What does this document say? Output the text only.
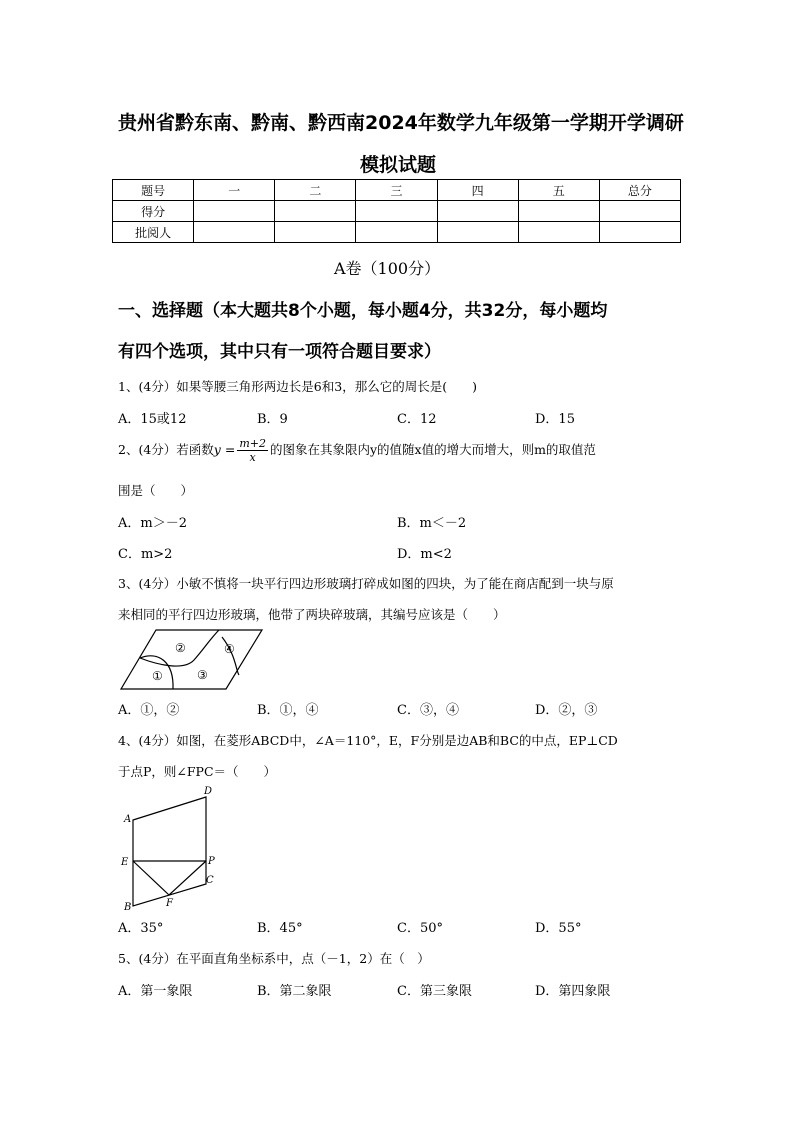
贵州省黔东南、黔南、黔西南2024年数学九年级第一学期开学调研
模拟试题
题号	一	二	三	四	五	总分
得分						
批阅人						
A卷（100分）
一、选择题（本大题共8个小题，每小题4分，共32分，每小题均
有四个选项，其中只有一项符合题目要求）
1、(4分）如果等腰三角形两边长是6和3，那么它的周长是(　　)
A．15或12	B．9	C．12	D．15
2、(4分）若函数$y = \frac{m+2}{x}$ 的图象在其象限内y的值随x值的增大而增大，则m的取值范
围是（　　）
A．m＞－2	B．m＜－2
C．m>2	D．m<2
3、(4分）小敏不慎将一块平行四边形玻璃打碎成如图的四块，为了能在商店配到一块与原
来相同的平行四边形玻璃，他带了两块碎玻璃，其编号应该是（　　）
①
②
③
④
A．①，②	B．①，④	C．③，④	D．②，③
4、(4分）如图，在菱形ABCD中，∠A＝110°，E，F分别是边AB和BC的中点，EP⊥CD
于点P，则∠FPC＝（　　）
A
B
C
D
E
F
P
A．35°	B．45°	C．50°	D．55°
5、(4分）在平面直角坐标系中，点（－1，2）在（　）
A．第一象限	B．第二象限	C．第三象限	D．第四象限
